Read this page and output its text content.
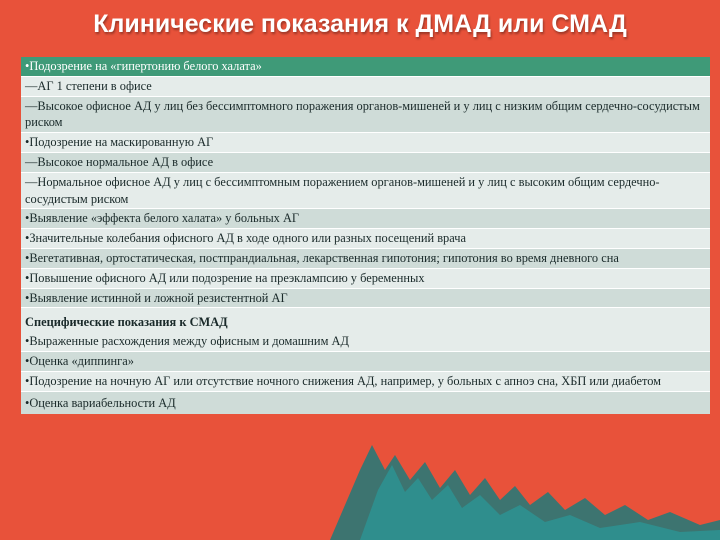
Клинические показания к ДМАД или СМАД
•Подозрение на «гипертонию белого халата»
—АГ 1 степени в офисе
—Высокое офисное АД у лиц без бессимптомного поражения органов-мишеней и у лиц с низким общим сердечно-сосудистым риском
•Подозрение на маскированную АГ
—Высокое нормальное АД в офисе
—Нормальное офисное АД у лиц с бессимптомным поражением органов-мишеней и у лиц с высоким общим сердечно-сосудистым риском
•Выявление «эффекта белого халата» у больных АГ
•Значительные колебания офисного АД в ходе одного или разных посещений врача
•Вегетативная, ортостатическая, постпрандиальная, лекарственная гипотония; гипотония во время дневного сна
•Повышение офисного АД или подозрение на преэклампсию у беременных
•Выявление истинной и ложной резистентной АГ
Специфические показания к СМАД
•Выраженные расхождения между офисным и домашним АД
•Оценка «диппинга»
•Подозрение на ночную АГ или отсутствие ночного снижения АД, например, у больных с апноэ сна, ХБП или диабетом
•Оценка вариабельности АД
